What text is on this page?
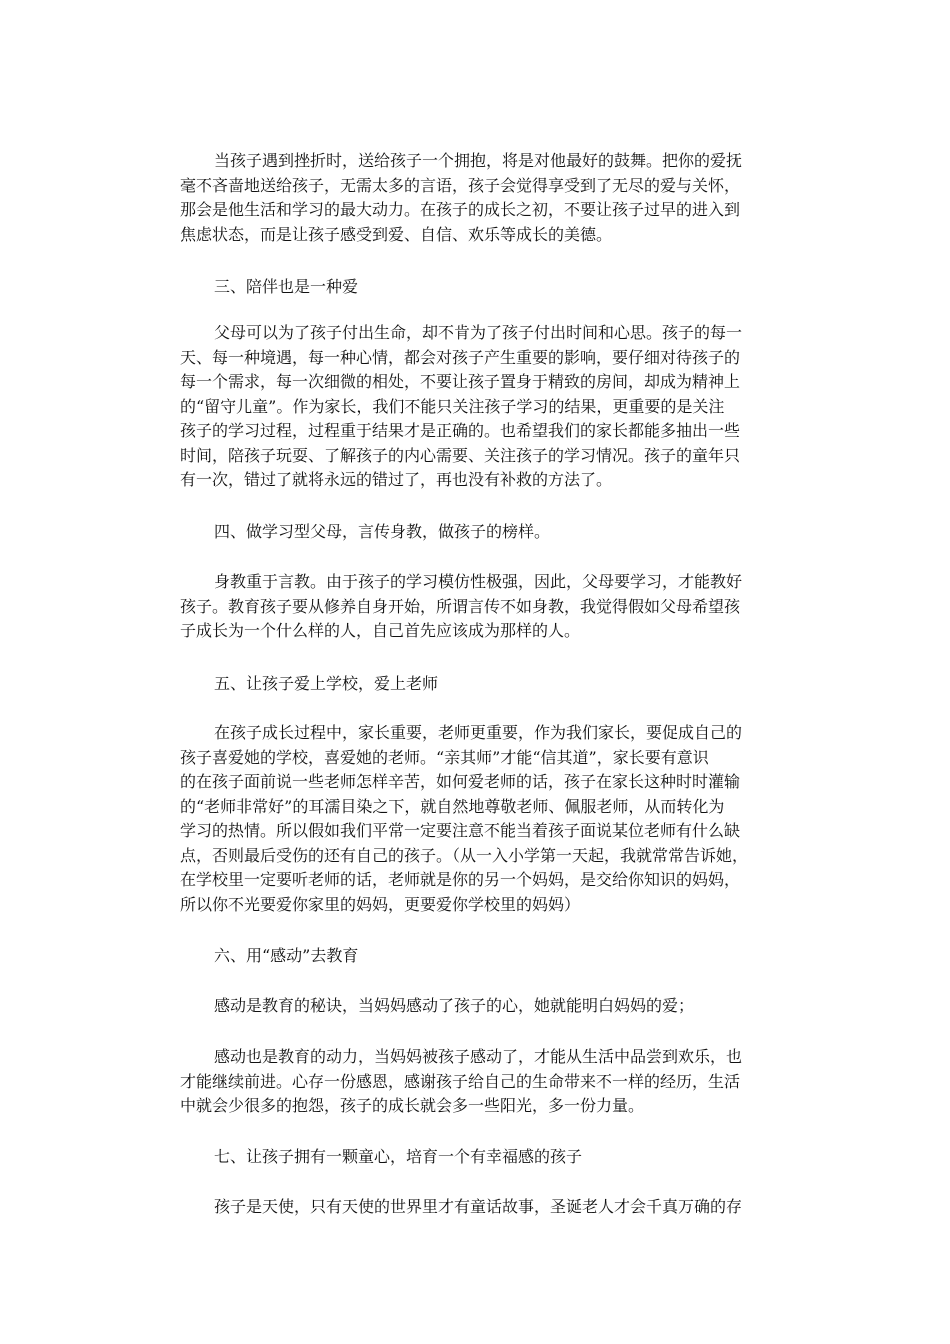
当孩子遇到挫折时，送给孩子一个拥抱，将是对他最好的鼓舞。把你的爱抚
毫不吝啬地送给孩子，无需太多的言语，孩子会觉得享受到了无尽的爱与关怀，
那会是他生活和学习的最大动力。在孩子的成长之初，不要让孩子过早的进入到
焦虑状态，而是让孩子感受到爱、自信、欢乐等成长的美德。
三、陪伴也是一种爱
父母可以为了孩子付出生命，却不肯为了孩子付出时间和心思。孩子的每一
天、每一种境遇，每一种心情，都会对孩子产生重要的影响，要仔细对待孩子的
每一个需求，每一次细微的相处，不要让孩子置身于精致的房间，却成为精神上
的“留守儿童”。作为家长，我们不能只关注孩子学习的结果，更重要的是关注
孩子的学习过程，过程重于结果才是正确的。也希望我们的家长都能多抽出一些
时间，陪孩子玩耍、了解孩子的内心需要、关注孩子的学习情况。孩子的童年只
有一次，错过了就将永远的错过了，再也没有补救的方法了。
四、做学习型父母，言传身教，做孩子的榜样。
身教重于言教。由于孩子的学习模仿性极强，因此，父母要学习，才能教好
孩子。教育孩子要从修养自身开始，所谓言传不如身教，我觉得假如父母希望孩
子成长为一个什么样的人，自己首先应该成为那样的人。
五、让孩子爱上学校，爱上老师
在孩子成长过程中，家长重要，老师更重要，作为我们家长，要促成自己的
孩子喜爱她的学校，喜爱她的老师。“亲其师”才能“信其道”，家长要有意识
的在孩子面前说一些老师怎样辛苦，如何爱老师的话，孩子在家长这种时时灌输
的“老师非常好”的耳濡目染之下，就自然地尊敬老师、佩服老师，从而转化为
学习的热情。所以假如我们平常一定要注意不能当着孩子面说某位老师有什么缺
点，否则最后受伤的还有自己的孩子。（从一入小学第一天起，我就常常告诉她，
在学校里一定要听老师的话，老师就是你的另一个妈妈，是交给你知识的妈妈，
所以你不光要爱你家里的妈妈，更要爱你学校里的妈妈）
六、用“感动”去教育
感动是教育的秘诀，当妈妈感动了孩子的心，她就能明白妈妈的爱；
感动也是教育的动力，当妈妈被孩子感动了，才能从生活中品尝到欢乐，也
才能继续前进。心存一份感恩，感谢孩子给自己的生命带来不一样的经历，生活
中就会少很多的抱怨，孩子的成长就会多一些阳光，多一份力量。
七、让孩子拥有一颗童心，培育一个有幸福感的孩子
孩子是天使，只有天使的世界里才有童话故事，圣诞老人才会千真万确的存
